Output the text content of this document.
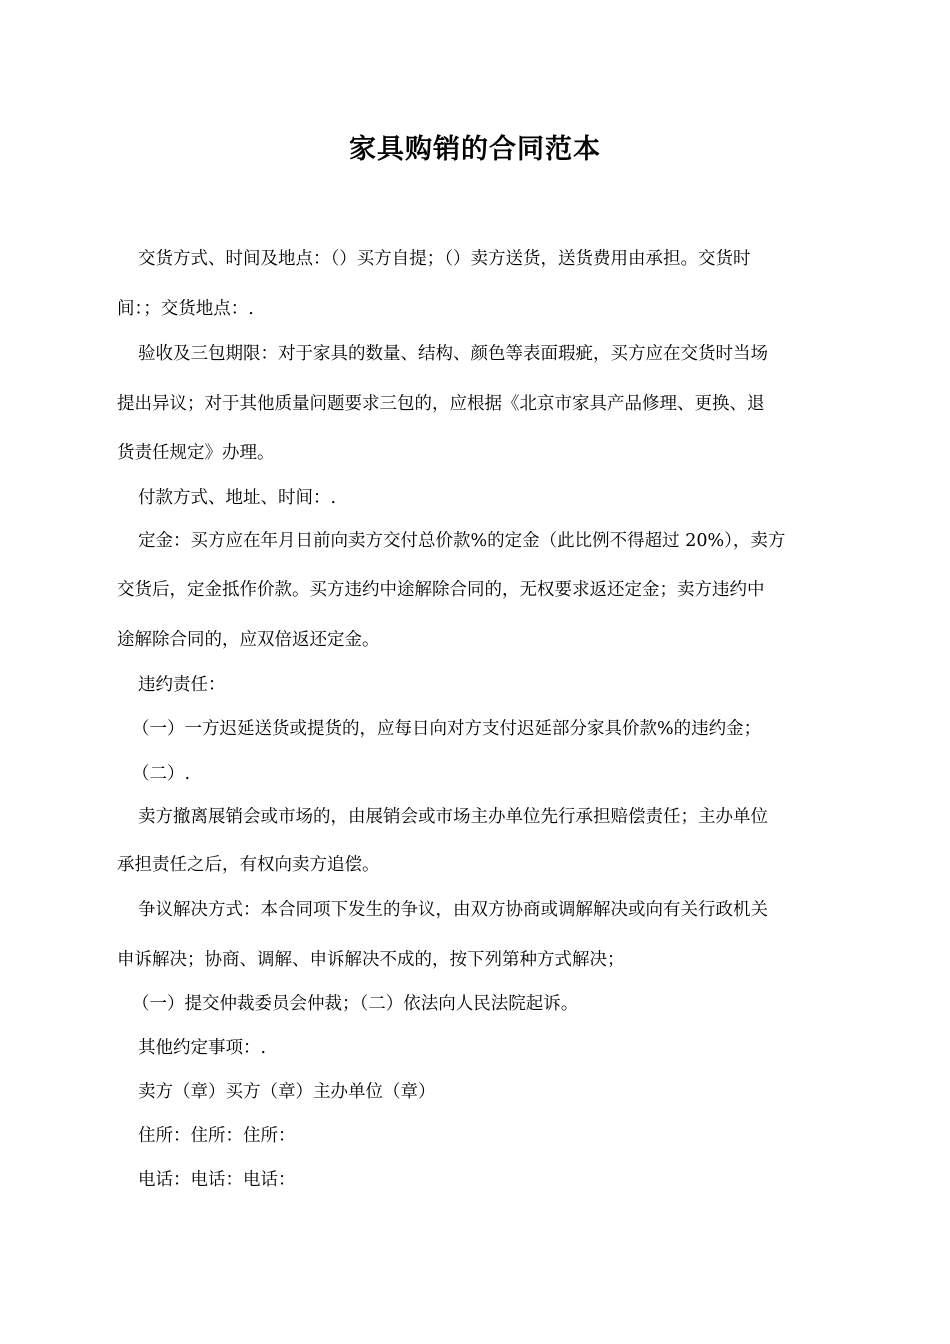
家具购销的合同范本
交货方式、时间及地点：（）买方自提；（）卖方送货，送货费用由承担。交货时
间：；交货地点：.
验收及三包期限：对于家具的数量、结构、颜色等表面瑕疵，买方应在交货时当场
提出异议；对于其他质量问题要求三包的，应根据《北京市家具产品修理、更换、退
货责任规定》办理。
付款方式、地址、时间：.
定金：买方应在年月日前向卖方交付总价款%的定金（此比例不得超过 20%），卖方
交货后，定金抵作价款。买方违约中途解除合同的，无权要求返还定金；卖方违约中
途解除合同的，应双倍返还定金。
违约责任：
（一）一方迟延送货或提货的，应每日向对方支付迟延部分家具价款%的违约金；
（二）.
卖方撤离展销会或市场的，由展销会或市场主办单位先行承担赔偿责任；主办单位
承担责任之后，有权向卖方追偿。
争议解决方式：本合同项下发生的争议，由双方协商或调解解决或向有关行政机关
申诉解决；协商、调解、申诉解决不成的，按下列第种方式解决；
（一）提交仲裁委员会仲裁；（二）依法向人民法院起诉。
其他约定事项：.
卖方（章）买方（章）主办单位（章）
住所：住所：住所：
电话：电话：电话：
